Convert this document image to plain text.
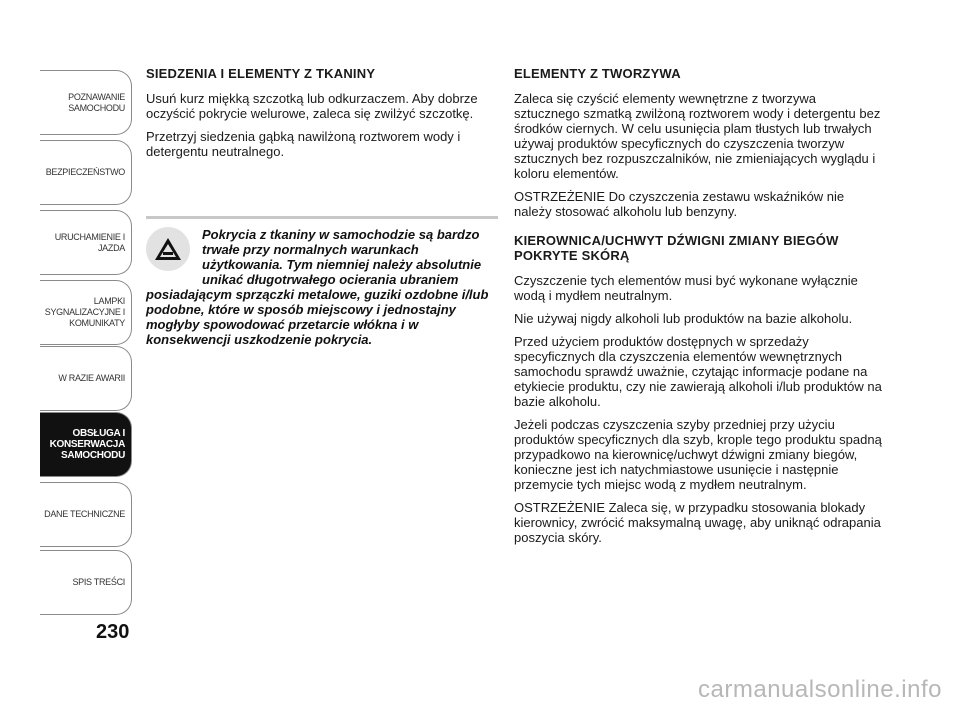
POZNAWANIE
SAMOCHODU
BEZPIECZEŃSTWO
URUCHAMIENIE I
JAZDA
LAMPKI
SYGNALIZACYJNE I
KOMUNIKATY
W RAZIE AWARII
OBSŁUGA I
KONSERWACJA
SAMOCHODU
DANE TECHNICZNE
SPIS TREŚCI
230
SIEDZENIA I ELEMENTY Z TKANINY

Usuń kurz miękką szczotką lub odkurzaczem. Aby dobrze oczyścić pokrycie welurowe, zaleca się zwilżyć szczotkę.

Przetrzyj siedzenia gąbką nawilżoną roztworem wody i detergentu neutralnego.

Pokrycia z tkaniny w samochodzie są bardzo trwałe przy normalnych warunkach użytkowania. Tym niemniej należy absolutnie unikać długotrwałego ocierania ubraniem posiadającym sprzączki metalowe, guziki ozdobne i/lub podobne, które w sposób miejscowy i jednostajny mogłyby spowodować przetarcie włókna i w konsekwencji uszkodzenie pokrycia.
ELEMENTY Z TWORZYWA

Zaleca się czyścić elementy wewnętrzne z tworzywa sztucznego szmatką zwilżoną roztworem wody i detergentu bez środków ciernych. W celu usunięcia plam tłustych lub trwałych używaj produktów specyficznych do czyszczenia tworzyw sztucznych bez rozpuszczalników, nie zmieniających wyglądu i koloru elementów.

OSTRZEŻENIE Do czyszczenia zestawu wskaźników nie należy stosować alkoholu lub benzyny.

KIEROWNICA/UCHWYT DŹWIGNI ZMIANY BIEGÓW POKRYTE SKÓRĄ

Czyszczenie tych elementów musi być wykonane wyłącznie wodą i mydłem neutralnym.

Nie używaj nigdy alkoholi lub produktów na bazie alkoholu.

Przed użyciem produktów dostępnych w sprzedaży specyficznych dla czyszczenia elementów wewnętrznych samochodu sprawdź uważnie, czytając informacje podane na etykiecie produktu, czy nie zawierają alkoholi i/lub produktów na bazie alkoholu.

Jeżeli podczas czyszczenia szyby przedniej przy użyciu produktów specyficznych dla szyb, krople tego produktu spadną przypadkowo na kierownicę/uchwyt dźwigni zmiany biegów, konieczne jest ich natychmiastowe usunięcie i następnie przemycie tych miejsc wodą z mydłem neutralnym.

OSTRZEŻENIE Zaleca się, w przypadku stosowania blokady kierownicy, zwrócić maksymalną uwagę, aby uniknąć odrapania poszycia skóry.

carmanualsonline.info
